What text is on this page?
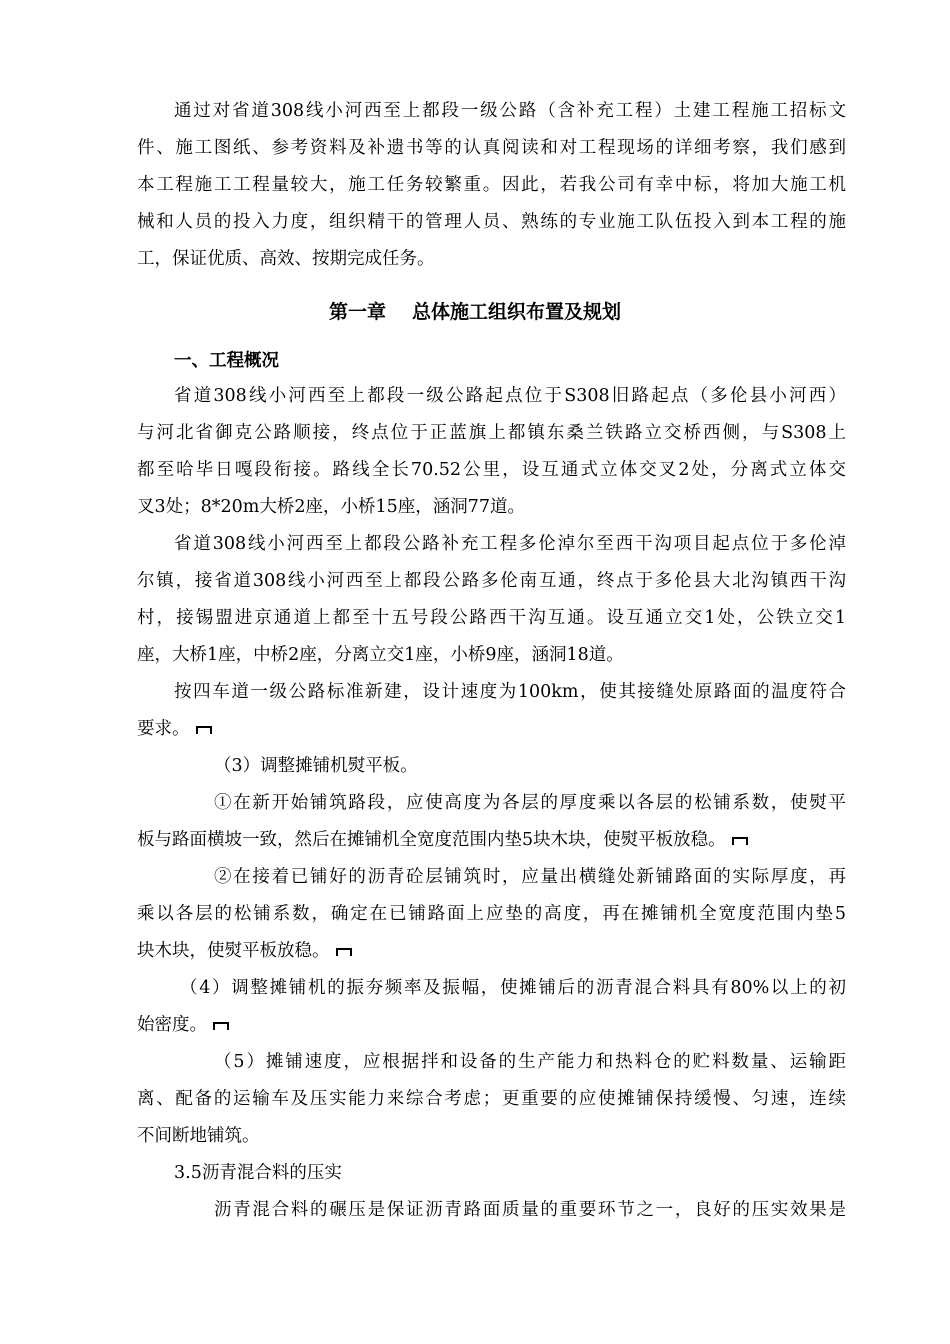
通过对省道308线小河西至上都段一级公路（含补充工程）土建工程施工招标文
件、施工图纸、参考资料及补遗书等的认真阅读和对工程现场的详细考察，我们感到
本工程施工工程量较大，施工任务较繁重。因此，若我公司有幸中标，将加大施工机
械和人员的投入力度，组织精干的管理人员、熟练的专业施工队伍投入到本工程的施
工，保证优质、高效、按期完成任务。
第一章 总体施工组织布置及规划
一、工程概况
省道308线小河西至上都段一级公路起点位于S308旧路起点（多伦县小河西）
与河北省御克公路顺接，终点位于正蓝旗上都镇东桑兰铁路立交桥西侧，与S308上
都至哈毕日嘎段衔接。路线全长70.52公里，设互通式立体交叉2处，分离式立体交
叉3处；8*20m大桥2座，小桥15座，涵洞77道。
省道308线小河西至上都段公路补充工程多伦淖尔至西干沟项目起点位于多伦淖
尔镇，接省道308线小河西至上都段公路多伦南互通，终点于多伦县大北沟镇西干沟
村，接锡盟进京通道上都至十五号段公路西干沟互通。设互通立交1处，公铁立交1
座，大桥1座，中桥2座，分离立交1座，小桥9座，涵洞18道。
按四车道一级公路标准新建，设计速度为100km，使其接缝处原路面的温度符合
要求。
（3）调整摊铺机熨平板。
①在新开始铺筑路段，应使高度为各层的厚度乘以各层的松铺系数，使熨平
板与路面横坡一致，然后在摊铺机全宽度范围内垫5块木块，使熨平板放稳。
②在接着已铺好的沥青砼层铺筑时，应量出横缝处新铺路面的实际厚度，再
乘以各层的松铺系数，确定在已铺路面上应垫的高度，再在摊铺机全宽度范围内垫5
块木块，使熨平板放稳。
（4）调整摊铺机的振夯频率及振幅，使摊铺后的沥青混合料具有80%以上的初
始密度。
（5）摊铺速度，应根据拌和设备的生产能力和热料仓的贮料数量、运输距
离、配备的运输车及压实能力来综合考虑；更重要的应使摊铺保持缓慢、匀速，连续
不间断地铺筑。
3.5沥青混合料的压实
沥青混合料的碾压是保证沥青路面质量的重要环节之一，良好的压实效果是
